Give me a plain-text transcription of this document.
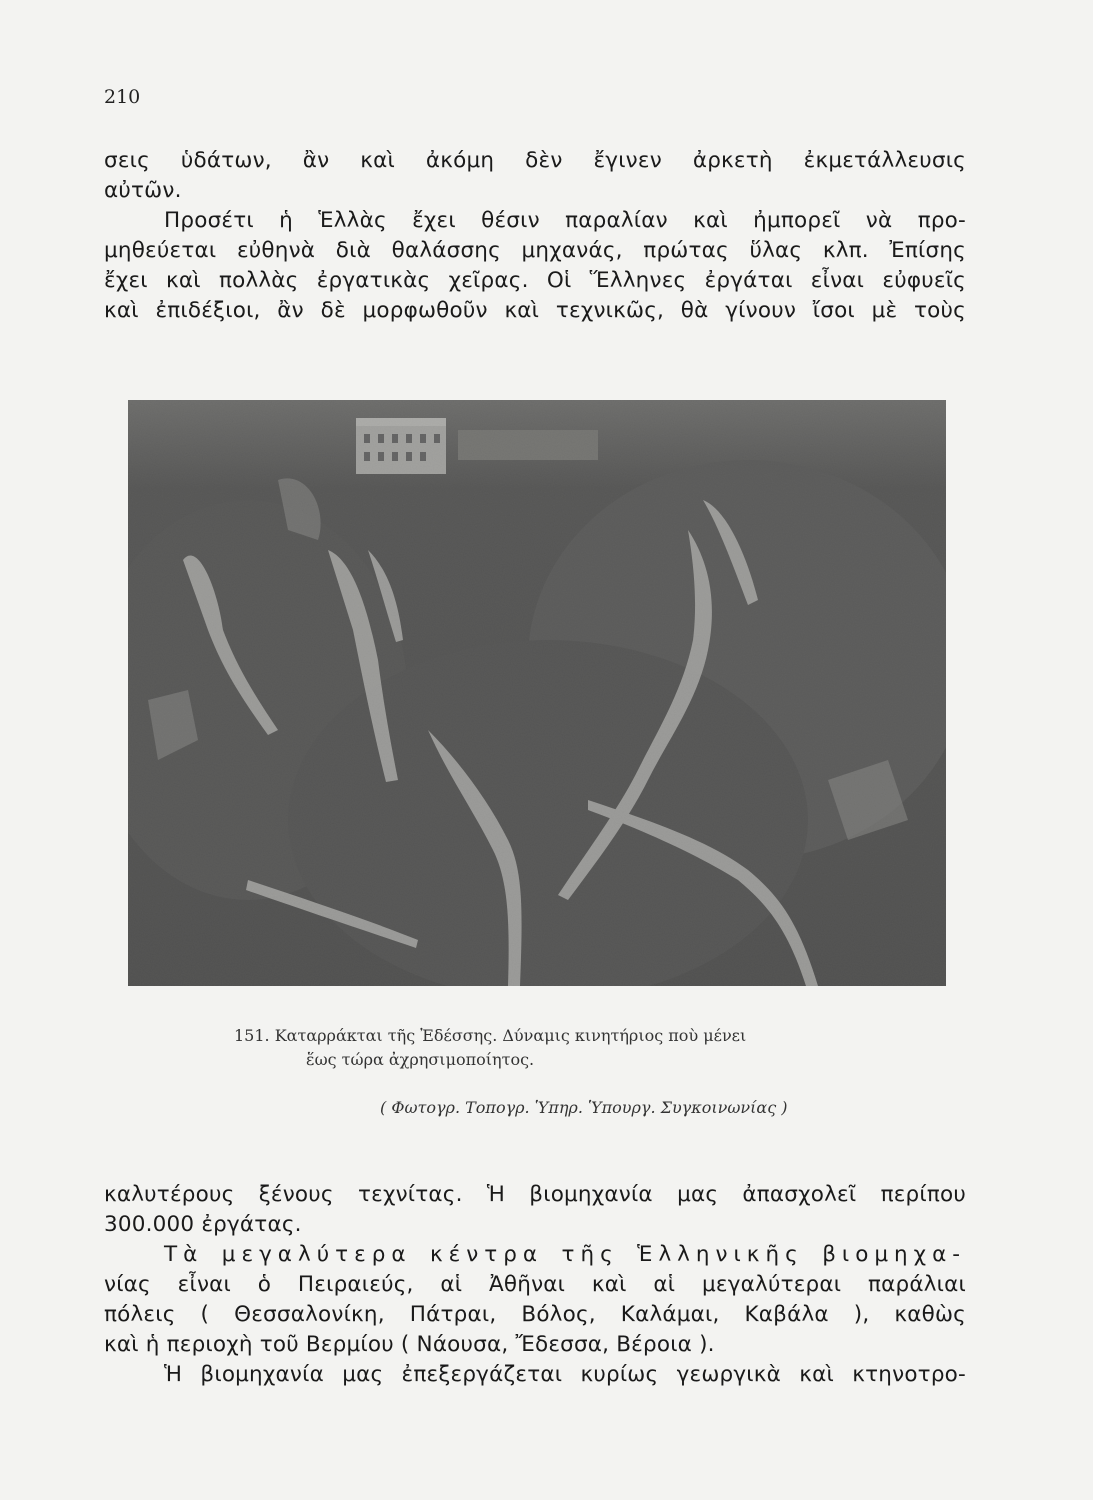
210
σεις ὑδάτων, ἂν καὶ ἀκόμη δὲν ἔγινεν ἀρκετὴ ἐκμετάλλευσις
αὐτῶν.
Προσέτι ἡ Ἑλλὰς ἔχει θέσιν παραλίαν καὶ ἠμπορεῖ νὰ προ-
μηθεύεται εὐθηνὰ διὰ θαλάσσης μηχανάς, πρώτας ὕλας κλπ. Ἐπίσης
ἔχει καὶ πολλὰς ἐργατικὰς χεῖρας. Οἱ Ἕλληνες ἐργάται εἶναι εὐφυεῖς
καὶ ἐπιδέξιοι, ἂν δὲ μορφωθοῦν καὶ τεχνικῶς, θὰ γίνουν ἴσοι μὲ τοὺς
151. Καταρράκται τῆς Ἐδέσσης. Δύναμις κινητήριος ποὺ μένει
ἕως τώρα ἀχρησιμοποίητος.
( Φωτογρ. Τοπογρ. Ὑπηρ. Ὑπουργ. Συγκοινωνίας )
καλυτέρους ξένους τεχνίτας. Ἡ βιομηχανία μας ἀπασχολεῖ περίπου
300.000 ἐργάτας.
Τὰ μεγαλύτερα κέντρα τῆς Ἑλληνικῆς βιομηχα-
νίας εἶναι ὁ Πειραιεύς, αἱ Ἀθῆναι καὶ αἱ μεγαλύτεραι παράλιαι
πόλεις ( Θεσσαλονίκη, Πάτραι, Βόλος, Καλάμαι, Καβάλα ), καθὼς
καὶ ἡ περιοχὴ τοῦ Βερμίου ( Νάουσα, Ἔδεσσα, Βέροια ).
Ἡ βιομηχανία μας ἐπεξεργάζεται κυρίως γεωργικὰ καὶ κτηνοτρο-
